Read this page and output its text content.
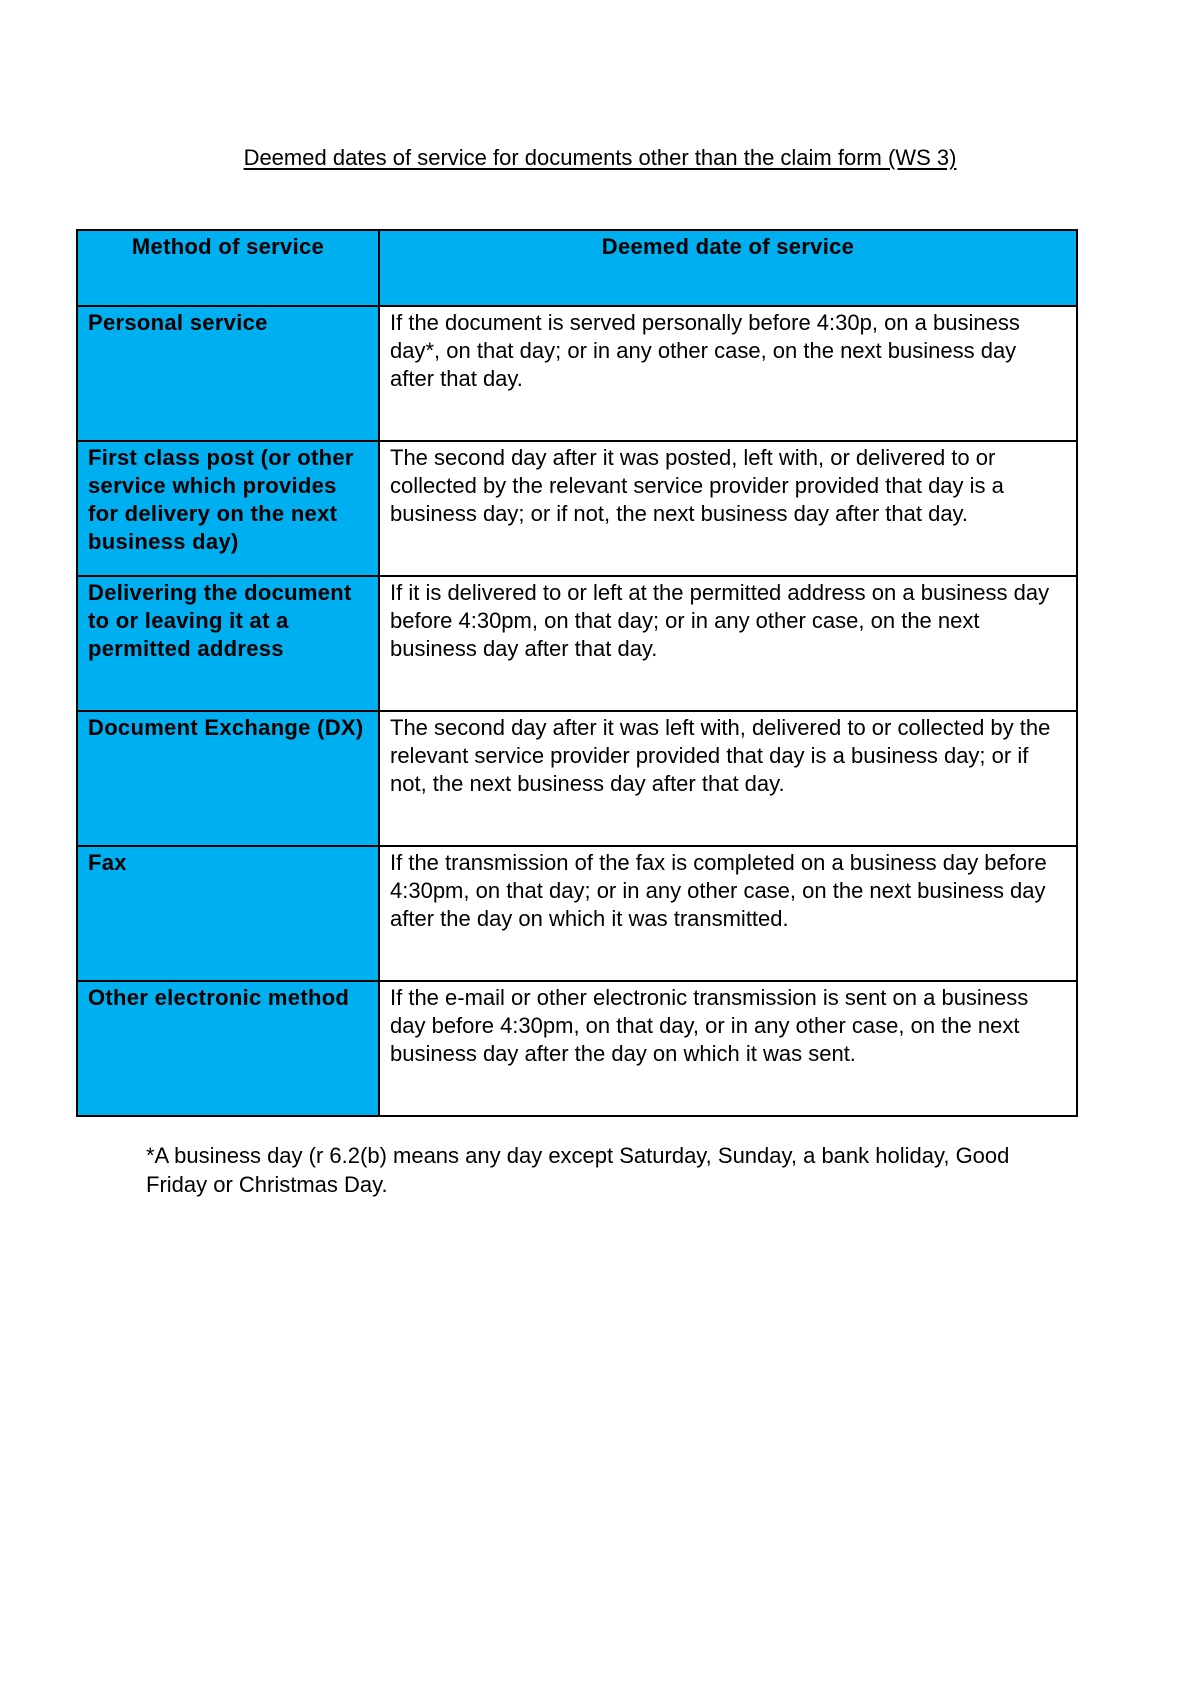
Deemed dates of service for documents other than the claim form (WS 3)
Method of service	Deemed date of service
Personal service	If the document is served personally before 4:30p, on a business day*, on that day; or in any other case, on the next business day after that day.
First class post (or other service which provides for delivery on the next business day)	The second day after it was posted, left with, or delivered to or collected by the relevant service provider provided that day is a business day; or if not, the next business day after that day.
Delivering the document to or leaving it at a permitted address	If it is delivered to or left at the permitted address on a business day before 4:30pm, on that day; or in any other case, on the next business day after that day.
Document Exchange (DX)	The second day after it was left with, delivered to or collected by the relevant service provider provided that day is a business day; or if not, the next business day after that day.
Fax	If the transmission of the fax is completed on a business day before 4:30pm, on that day; or in any other case, on the next business day after the day on which it was transmitted.
Other electronic method	If the e-mail or other electronic transmission is sent on a business day before 4:30pm, on that day, or in any other case, on the next business day after the day on which it was sent.
*A business day (r 6.2(b) means any day except Saturday, Sunday, a bank holiday, Good Friday or Christmas Day.
